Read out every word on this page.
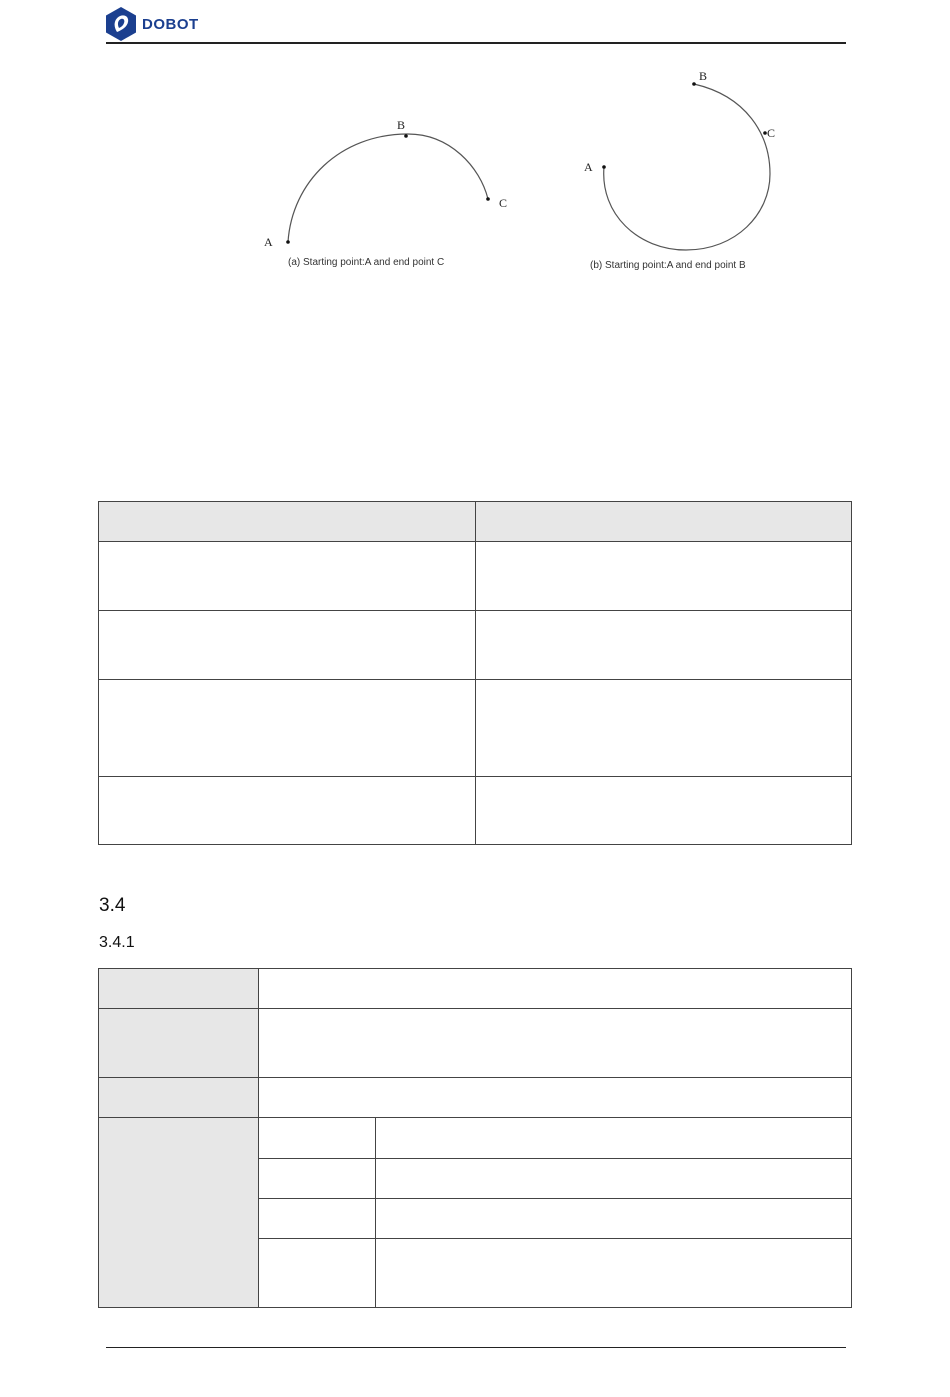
DOBOT
A
B
C
(a) Starting point:A and end point C
A
B
C
(b) Starting point:A and end point B

3.4
3.4.1
